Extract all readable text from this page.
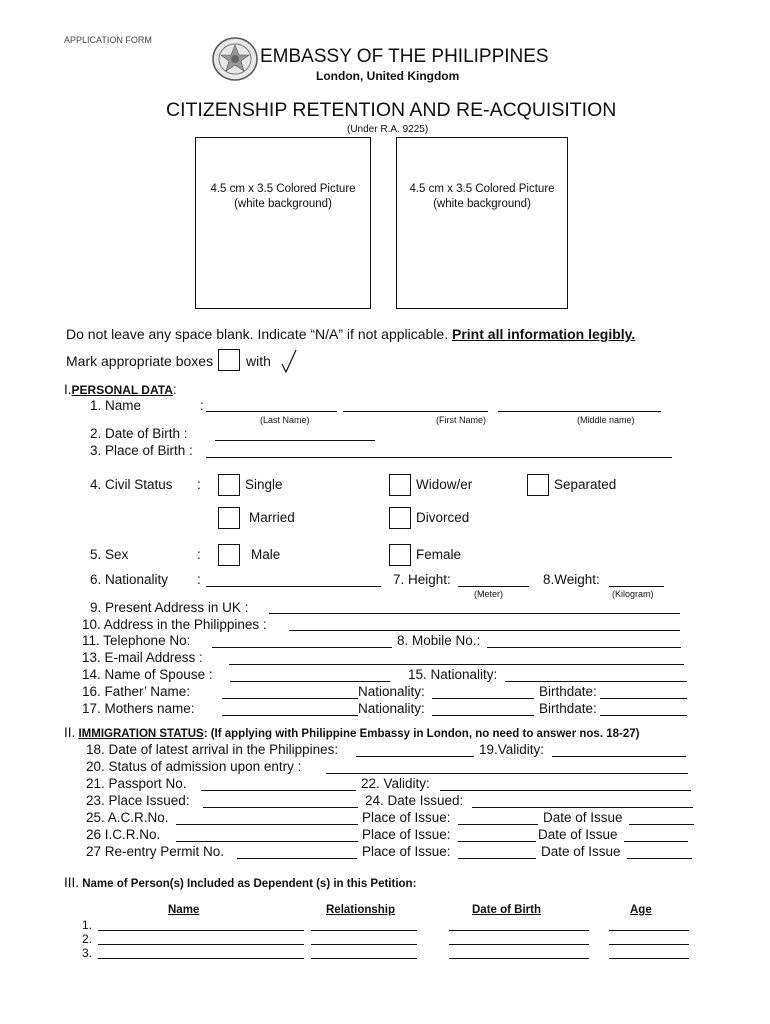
APPLICATION FORM
EMBASSY OF THE PHILIPPINES
London, United Kingdom
CITIZENSHIP RETENTION AND RE-ACQUISITION
(Under R.A. 9225)
4.5 cm x 3.5 Colored Picture
(white background)
4.5 cm x 3.5 Colored Picture
(white background)
Do not leave any space blank. Indicate “N/A” if not applicable. Print all information legibly.
Mark appropriate boxes with
I.PERSONAL DATA:
1. Name	:
(Last Name)	(First Name)	(Middle name)
2. Date of Birth :
3. Place of Birth :
4. Civil Status :	Single	Widow/er	Separated
Married	Divorced
5. Sex	:	Male	Female
6. Nationality :	7. Height:
(Meter)
8.Weight:
(Kilogram)
9. Present Address in UK :
10. Address in the Philippines :
11. Telephone No:	8. Mobile No.:
13. E-mail Address :
14. Name of Spouse :	15. Nationality:
16. Father’ Name:	Nationality:	Birthdate:
17. Mothers name:	Nationality:	Birthdate:
II. IMMIGRATION STATUS: (If applying with Philippine Embassy in London, no need to answer nos. 18-27)
18. Date of latest arrival in the Philippines:	19.Validity:
20. Status of admission upon entry :
21. Passport No.	22. Validity:
23. Place Issued:	24. Date Issued:
25. A.C.R.No.	Place of Issue:	Date of Issue
26 I.C.R.No.	Place of Issue:	Date of Issue
27 Re-entry Permit No.	Place of Issue:	Date of Issue
III. Name of Person(s) Included as Dependent (s) in this Petition:
Name	Relationship	Date of Birth	Age
1.
2.
3.
